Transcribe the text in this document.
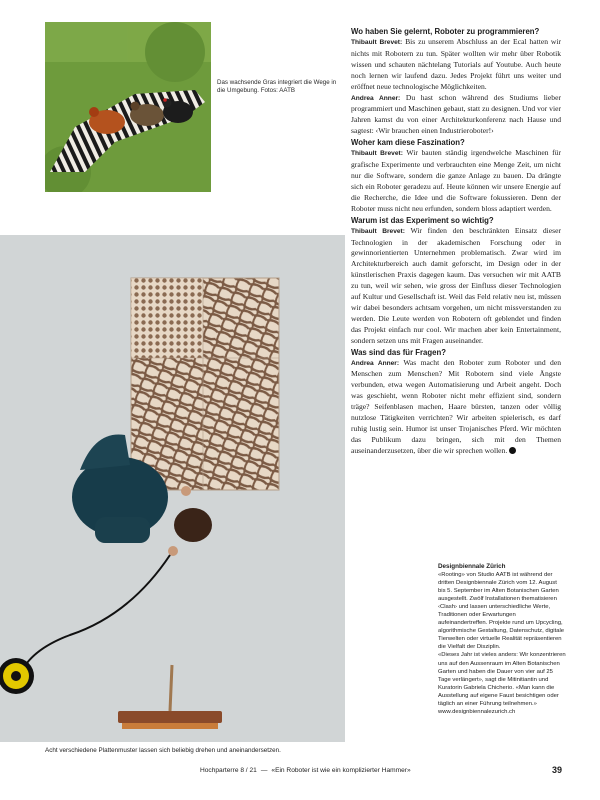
Das wachsende Gras integriert die Wege in die Umgebung. Fotos: AATB
Wo haben Sie gelernt, Roboter zu programmieren?

Thibault Brevet: Bis zu unserem Abschluss an der Ecal hatten wir nichts mit Robotern zu tun. Später wollten wir mehr über Robotik wissen und schauten nächtelang Tutorials auf Youtube. Auch heute noch lernen wir laufend dazu. Jedes Projekt führt uns weiter und eröffnet neue technologische Möglichkeiten.

Andrea Anner: Du hast schon während des Studiums lieber programmiert und Maschinen gebaut, statt zu designen. Und vor vier Jahren kamst du von einer Architekturkonferenz nach Hause und sagtest: ‹Wir brauchen einen Industrieroboter!›

Woher kam diese Faszination?

Thibault Brevet: Wir bauten ständig irgendwelche Maschinen für grafische Experimente und verbrauchten eine Menge Zeit, um nicht nur die Software, sondern die ganze Anlage zu bauen. Da drängte sich ein Roboter geradezu auf. Heute können wir unsere Energie auf die Recherche, die Idee und die Software fokussieren. Denn der Roboter muss nicht neu erfunden, sondern bloss adaptiert werden.

Warum ist das Experiment so wichtig?

Thibault Brevet: Wir finden den beschränkten Einsatz dieser Technologien in der akademischen Forschung oder in gewinnorientierten Unternehmen problematisch. Zwar wird im Architekturbereich auch damit geforscht, im Design oder in der künstlerischen Praxis dagegen kaum. Das versuchen wir mit AATB zu tun, weil wir sehen, wie gross der Einfluss dieser Technologien auf Kultur und Gesellschaft ist. Weil das Feld relativ neu ist, müssen wir dabei besonders achtsam vorgehen, um nicht missverstanden zu werden. Die Leute werden von Robotern oft geblendet und finden das Projekt einfach nur cool. Wir machen aber kein Entertainment, sondern setzen uns mit Fragen auseinander.

Was sind das für Fragen?

Andrea Anner: Was macht den Roboter zum Roboter und den Menschen zum Menschen? Mit Robotern sind viele Ängste verbunden, etwa wegen Automatisierung und Arbeit angeht. Doch was geschieht, wenn Roboter nicht mehr effizient sind, sondern träge? Seifenblasen machen, Haare bürsten, tanzen oder völlig nutzlose Tätigkeiten verrichten? Wir arbeiten spielerisch, es darf ruhig lustig sein. Humor ist unser Trojanisches Pferd. Wir möchten das Publikum dazu bringen, sich mit den Themen auseinanderzusetzen, über die wir sprechen wollen.

Designbiennale Zürich

«Rooting» von Studio AATB ist während der dritten Designbiennale Zürich vom 12. August bis 5. September im Alten Botanischen Garten ausgestellt. Zwölf Installationen thematisieren ‹Clash› und lassen unterschiedliche Werte, Traditionen oder Erwartungen aufeinandertreffen. Projekte rund um Upcycling, algorithmische Gestaltung, Datenschutz, digitale Tierwelten oder virtuelle Realität repräsentieren die Vielfalt der Disziplin.

«Dieses Jahr ist vieles anders: Wir konzentrieren uns auf den Aussenraum im Alten Botanischen Garten und haben die Dauer von vier auf 25 Tage verlängert», sagt die Mitinitiantin und Kuratorin Gabriela Chicherio. «Man kann die Ausstellung auf eigene Faust besichtigen oder täglich an einer Führung teilnehmen.»

www.designbiennalezurich.ch

Acht verschiedene Plattenmuster lassen sich beliebig drehen und aneinandersetzen.
Hochparterre 8 / 21 — «Ein Roboter ist wie ein komplizierter Hammer»	39
